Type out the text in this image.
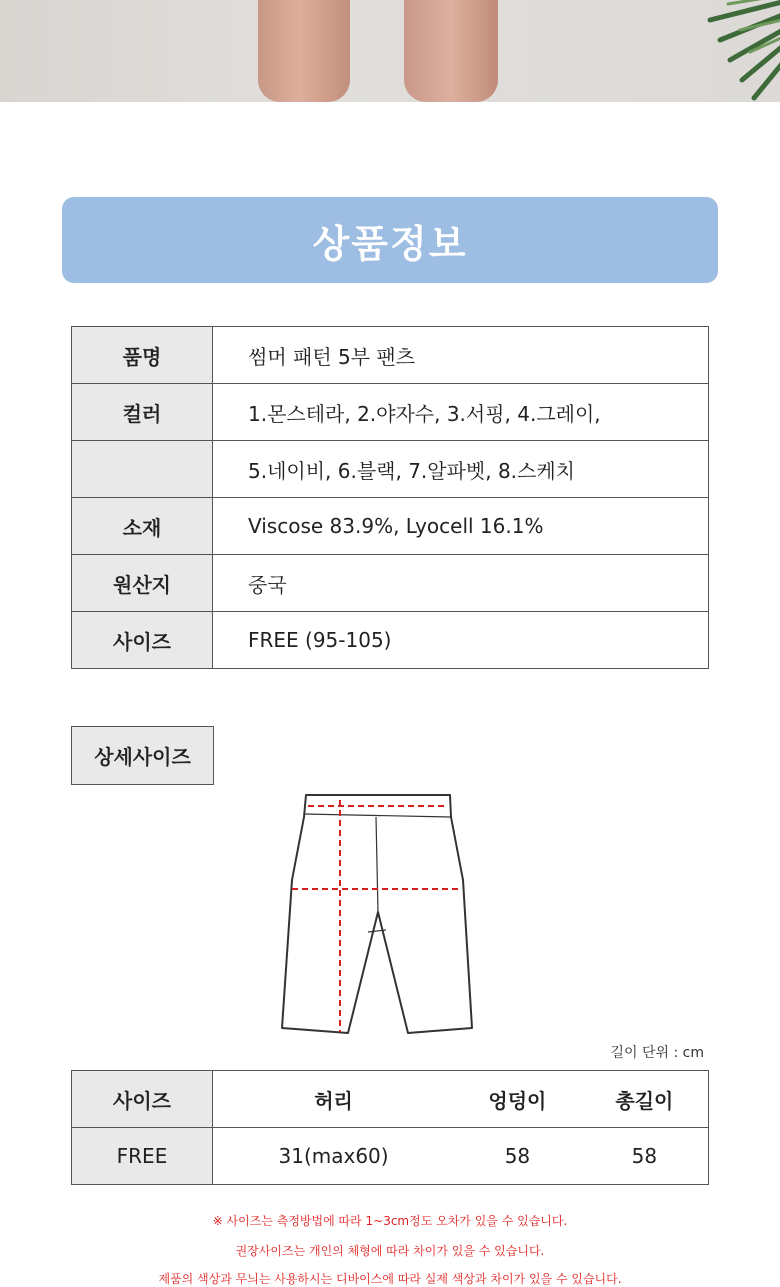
상품정보
품명	썸머 패턴 5부 팬츠
컬러	1.몬스테라, 2.야자수, 3.서핑, 4.그레이,
	5.네이비, 6.블랙, 7.알파벳, 8.스케치
소재	Viscose 83.9%, Lyocell 16.1%
원산지	중국
사이즈	FREE (95-105)
상세사이즈
길이 단위 : cm
사이즈	허리	엉덩이	총길이
FREE	31(max60)	58	58
※ 사이즈는 측정방법에 따라 1~3cm정도 오차가 있을 수 있습니다.
권장사이즈는 개인의 체형에 따라 차이가 있을 수 있습니다.
제품의 색상과 무늬는 사용하시는 디바이스에 따라 실제 색상과 차이가 있을 수 있습니다.
